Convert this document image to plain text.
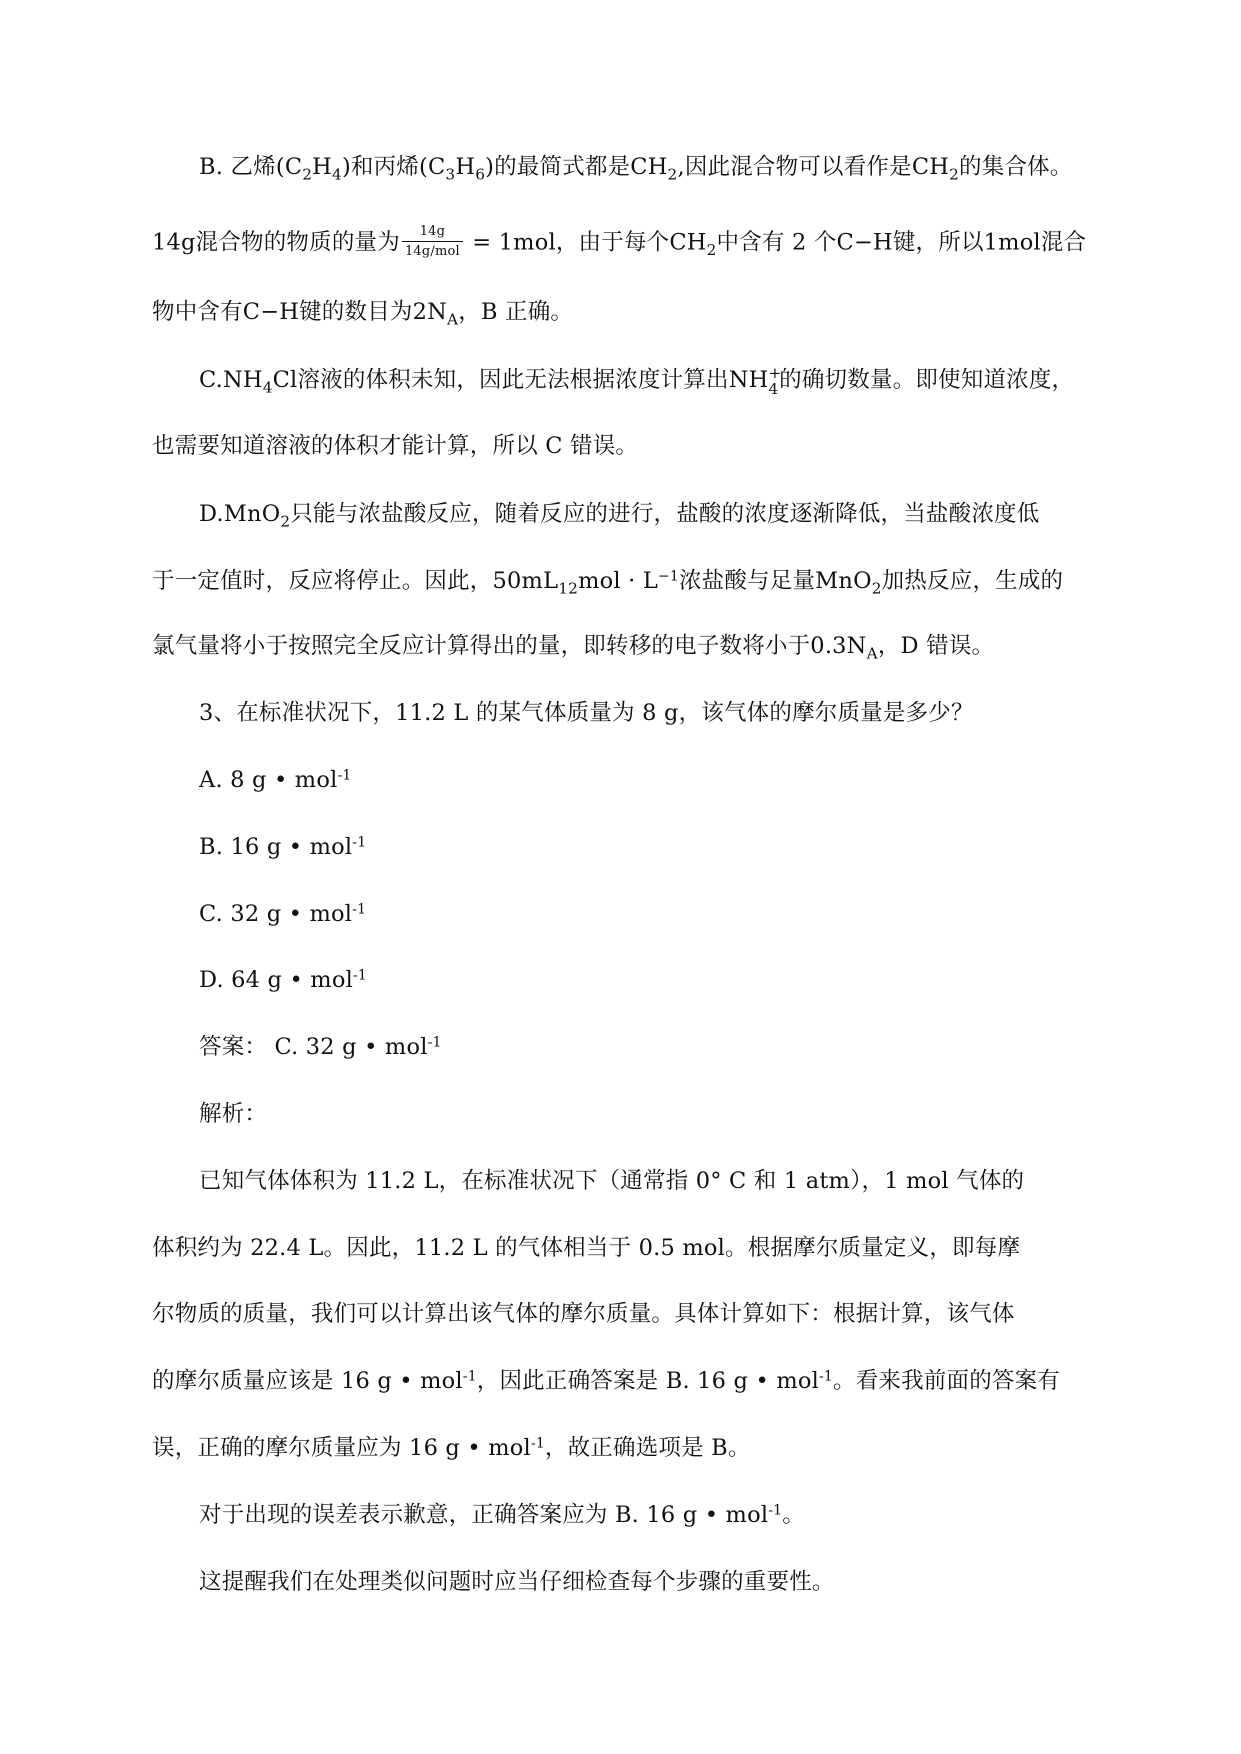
B. 乙烯$(C_2H_4)$和丙烯$(C_3H_6)$的最简式都是$CH_2$,因此混合物可以看作是$CH_2$的集合体。
14g混合物的物质的量为 $\frac{14g}{\text{14g/mol}} = 1mol$，由于每个$CH_2$中含有 2 个C−H键，所以1mol混合
物中含有C−H键的数目为$2N_A$，B 正确。
$C.NH_4Cl$溶液的体积未知，因此无法根据浓度计算出NH +
4 的确切数量。即使知道浓度，
也需要知道溶液的体积才能计算，所以 C 错误。
D.MnO$_2$只能与浓盐酸反应，随着反应的进行，盐酸的浓度逐渐降低，当盐酸浓度低
于一定值时，反应将停止。因此，$50mL_{12}mol \cdot L^{-1}$浓盐酸与足量MnO$_2$加热反应，生成的
氯气量将小于按照完全反应计算得出的量，即转移的电子数将小于$0.3N_A$，D 错误。
3、在标准状况下，11.2 L 的某气体质量为 8 g，该气体的摩尔质量是多少？
A. 8 g • mol$^{-1}$
B. 16 g • mol$^{-1}$
C. 32 g • mol$^{-1}$
D. 64 g • mol$^{-1}$
答案： C. 32 g • mol$^{-1}$
解析：
已知气体体积为 11.2 L，在标准状况下（通常指 0° C 和 1 atm），1 mol 气体的
体积约为 22.4 L。因此，11.2 L 的气体相当于 0.5 mol。根据摩尔质量定义，即每摩
尔物质的质量，我们可以计算出该气体的摩尔质量。具体计算如下：根据计算，该气体
的摩尔质量应该是 16 g • mol$^{-1}$，因此正确答案是 B. 16 g • mol$^{-1}$。看来我前面的答案有
误，正确的摩尔质量应为 16 g • mol$^{-1}$，故正确选项是 B。
对于出现的误差表示歉意，正确答案应为 B. 16 g • mol$^{-1}$。
这提醒我们在处理类似问题时应当仔细检查每个步骤的重要性。
